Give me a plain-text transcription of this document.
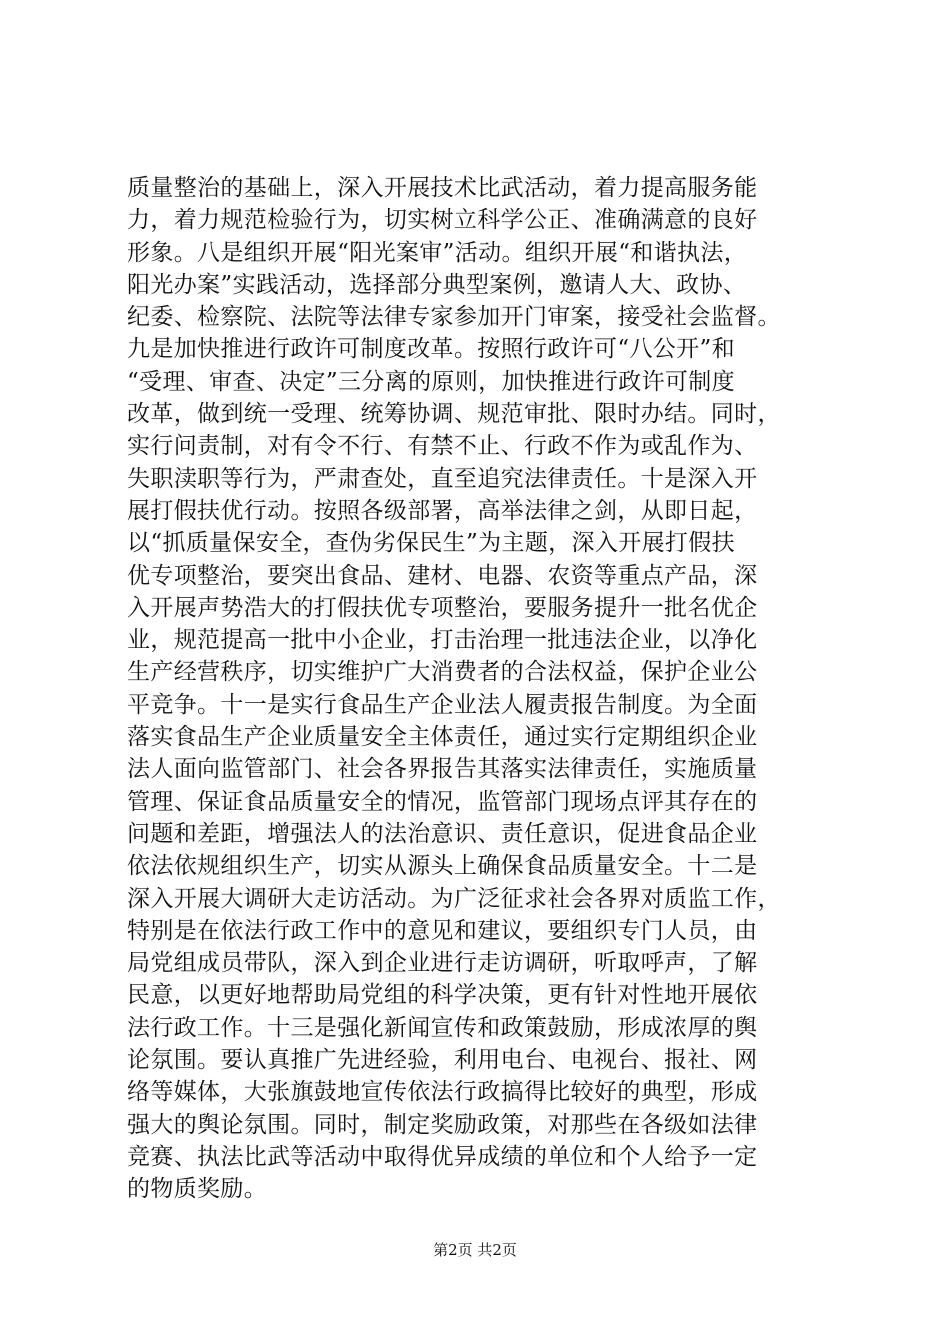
质量整治的基础上，深入开展技术比武活动，着力提高服务能
力，着力规范检验行为，切实树立科学公正、准确满意的良好
形象。八是组织开展“阳光案审”活动。组织开展“和谐执法，
阳光办案”实践活动，选择部分典型案例，邀请人大、政协、
纪委、检察院、法院等法律专家参加开门审案，接受社会监督。
九是加快推进行政许可制度改革。按照行政许可“八公开”和
“受理、审查、决定”三分离的原则，加快推进行政许可制度
改革，做到统一受理、统筹协调、规范审批、限时办结。同时，
实行问责制，对有令不行、有禁不止、行政不作为或乱作为、
失职渎职等行为，严肃查处，直至追究法律责任。十是深入开
展打假扶优行动。按照各级部署，高举法律之剑，从即日起，
以“抓质量保安全，查伪劣保民生”为主题，深入开展打假扶
优专项整治，要突出食品、建材、电器、农资等重点产品，深
入开展声势浩大的打假扶优专项整治，要服务提升一批名优企
业，规范提高一批中小企业，打击治理一批违法企业，以净化
生产经营秩序，切实维护广大消费者的合法权益，保护企业公
平竞争。十一是实行食品生产企业法人履责报告制度。为全面
落实食品生产企业质量安全主体责任，通过实行定期组织企业
法人面向监管部门、社会各界报告其落实法律责任，实施质量
管理、保证食品质量安全的情况，监管部门现场点评其存在的
问题和差距，增强法人的法治意识、责任意识，促进食品企业
依法依规组织生产，切实从源头上确保食品质量安全。十二是
深入开展大调研大走访活动。为广泛征求社会各界对质监工作，
特别是在依法行政工作中的意见和建议，要组织专门人员，由
局党组成员带队，深入到企业进行走访调研，听取呼声，了解
民意，以更好地帮助局党组的科学决策，更有针对性地开展依
法行政工作。十三是强化新闻宣传和政策鼓励，形成浓厚的舆
论氛围。要认真推广先进经验，利用电台、电视台、报社、网
络等媒体，大张旗鼓地宣传依法行政搞得比较好的典型，形成
强大的舆论氛围。同时，制定奖励政策，对那些在各级如法律
竞赛、执法比武等活动中取得优异成绩的单位和个人给予一定
的物质奖励。
第2页 共2页
